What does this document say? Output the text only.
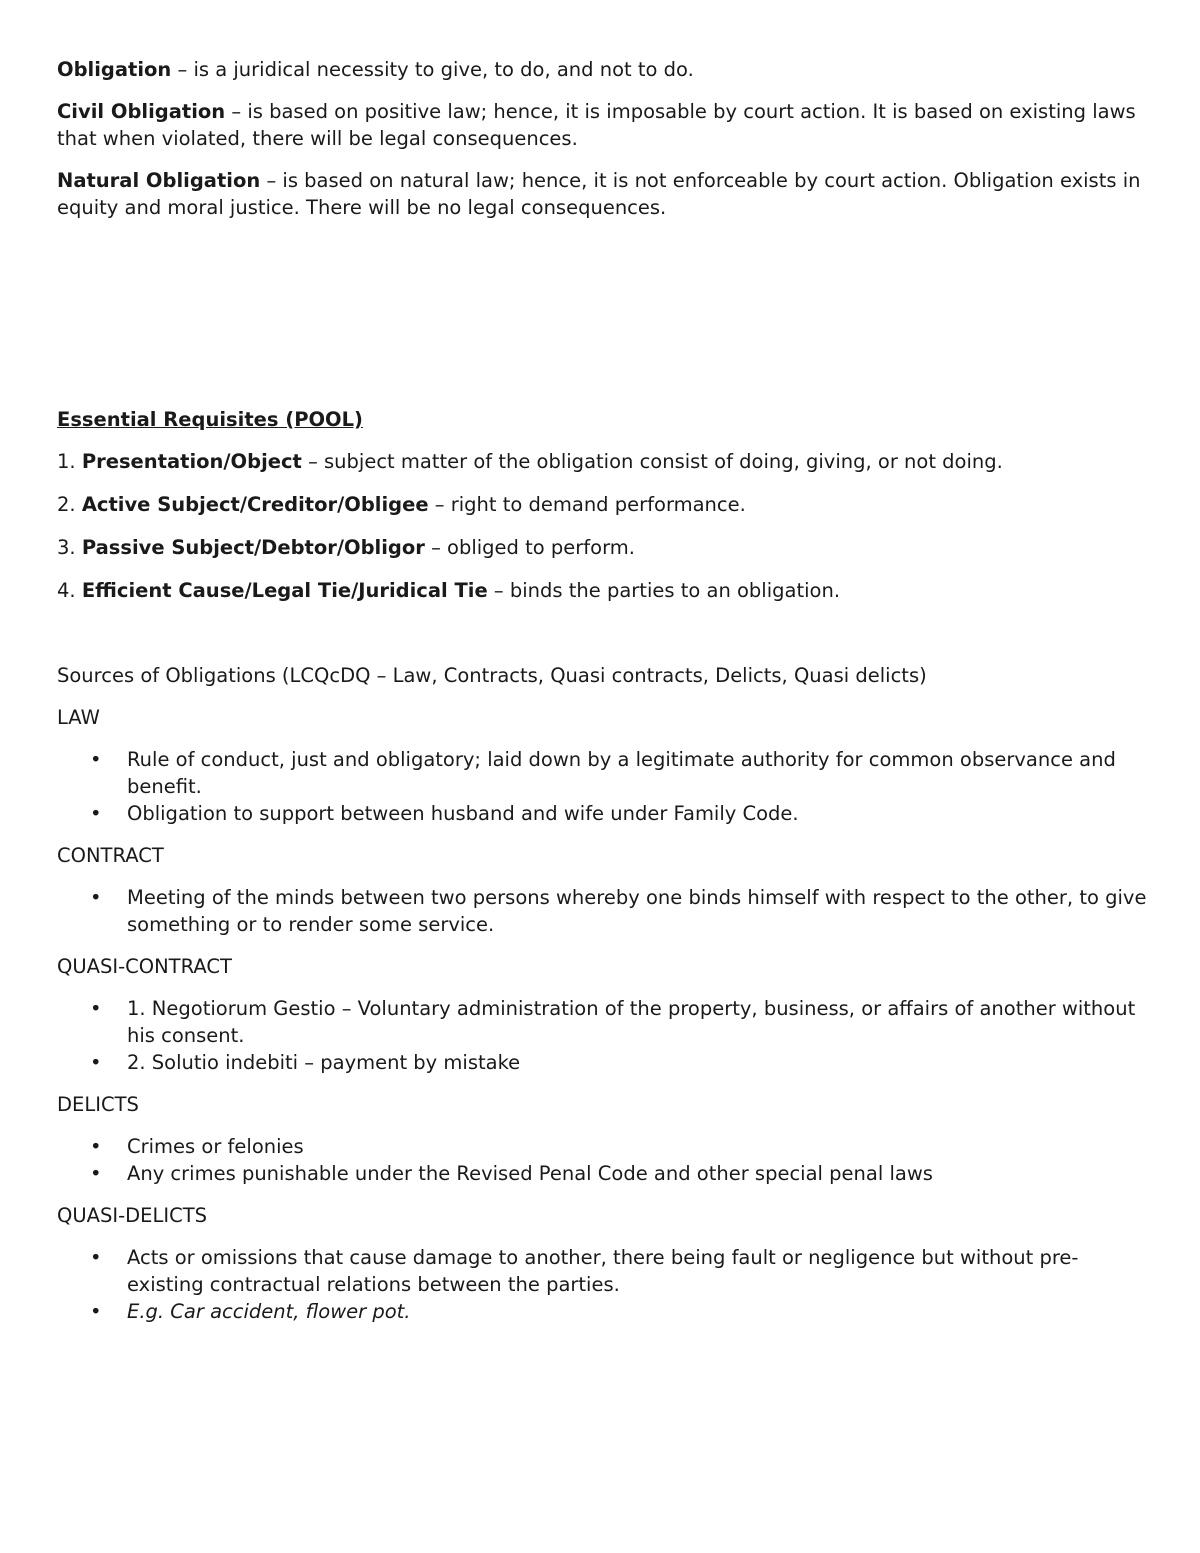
Obligation – is a juridical necessity to give, to do, and not to do.

Civil Obligation – is based on positive law; hence, it is imposable by court action. It is based on existing laws that when violated, there will be legal consequences.

Natural Obligation – is based on natural law; hence, it is not enforceable by court action. Obligation exists in equity and moral justice. There will be no legal consequences.

Essential Requisites (POOL)

1. Presentation/Object – subject matter of the obligation consist of doing, giving, or not doing.

2. Active Subject/Creditor/Obligee – right to demand performance.

3. Passive Subject/Debtor/Obligor – obliged to perform.

4. Efficient Cause/Legal Tie/Juridical Tie – binds the parties to an obligation.

Sources of Obligations (LCQcDQ – Law, Contracts, Quasi contracts, Delicts, Quasi delicts)

LAW

• Rule of conduct, just and obligatory; laid down by a legitimate authority for common observance and benefit.
• Obligation to support between husband and wife under Family Code.

CONTRACT

• Meeting of the minds between two persons whereby one binds himself with respect to the other, to give something or to render some service.

QUASI-CONTRACT

• 1. Negotiorum Gestio – Voluntary administration of the property, business, or affairs of another without his consent.
• 2. Solutio indebiti – payment by mistake

DELICTS

• Crimes or felonies
• Any crimes punishable under the Revised Penal Code and other special penal laws

QUASI-DELICTS

• Acts or omissions that cause damage to another, there being fault or negligence but without pre-existing contractual relations between the parties.
• E.g. Car accident, flower pot.
